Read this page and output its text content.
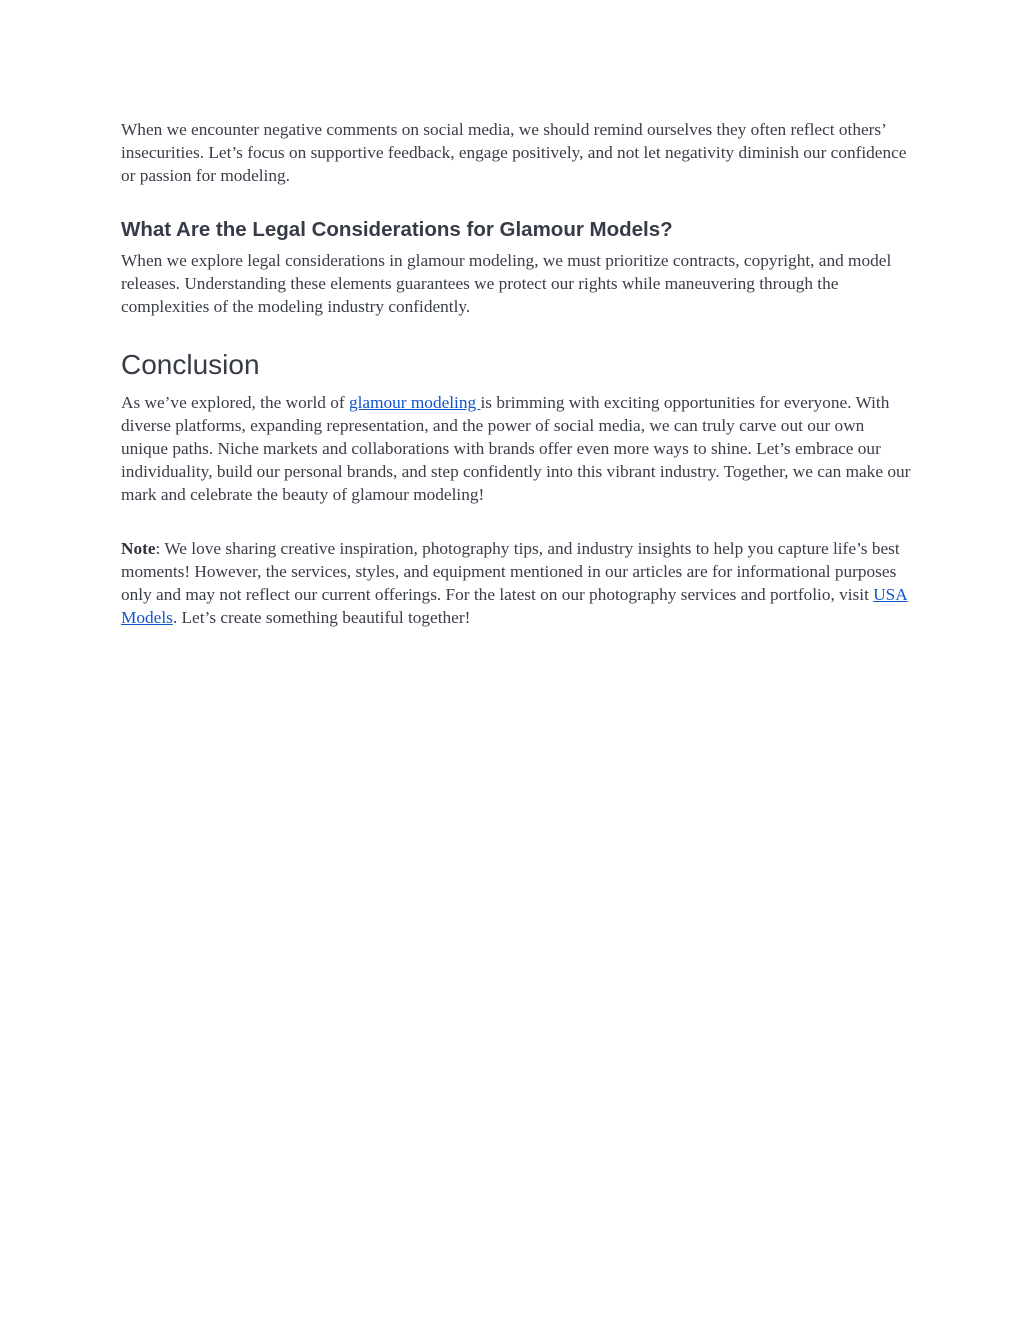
When we encounter negative comments on social media, we should remind ourselves they often reflect others’ insecurities. Let’s focus on supportive feedback, engage positively, and not let negativity diminish our confidence or passion for modeling.

What Are the Legal Considerations for Glamour Models?

When we explore legal considerations in glamour modeling, we must prioritize contracts, copyright, and model releases. Understanding these elements guarantees we protect our rights while maneuvering through the complexities of the modeling industry confidently.

Conclusion

As we’ve explored, the world of glamour modeling is brimming with exciting opportunities for everyone. With diverse platforms, expanding representation, and the power of social media, we can truly carve out our own unique paths. Niche markets and collaborations with brands offer even more ways to shine. Let’s embrace our individuality, build our personal brands, and step confidently into this vibrant industry. Together, we can make our mark and celebrate the beauty of glamour modeling!

Note: We love sharing creative inspiration, photography tips, and industry insights to help you capture life’s best moments! However, the services, styles, and equipment mentioned in our articles are for informational purposes only and may not reflect our current offerings. For the latest on our photography services and portfolio, visit USA Models. Let’s create something beautiful together!
